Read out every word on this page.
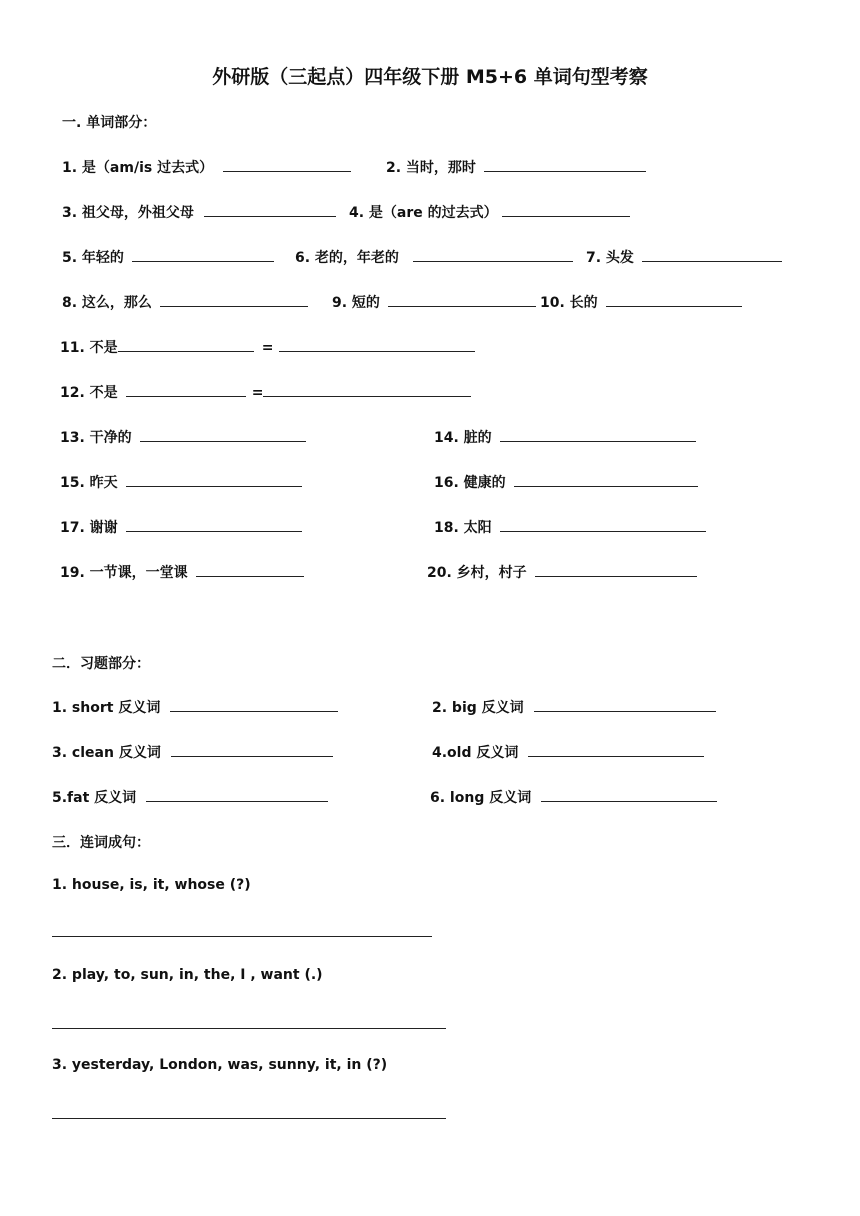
外研版（三起点）四年级下册 M5+6 单词句型考察
一. 单词部分：
1. 是（am/is 过去式）	2. 当时，那时
3. 祖父母，外祖父母	4. 是（are 的过去式）
5. 年轻的	6. 老的，年老的	7. 头发
8. 这么，那么	9. 短的	10. 长的
11. 不是	=
12. 不是	=
13. 干净的	14. 脏的
15. 昨天	16. 健康的
17. 谢谢	18. 太阳
19. 一节课，一堂课	20. 乡村，村子
二．习题部分：
1. short 反义词	2. big 反义词
3. clean 反义词	4.old 反义词
5.fat 反义词	6. long 反义词
三．连词成句：
1. house, is, it, whose (?)
2. play, to, sun, in, the, I , want (.)
3. yesterday, London, was, sunny, it, in (?)
